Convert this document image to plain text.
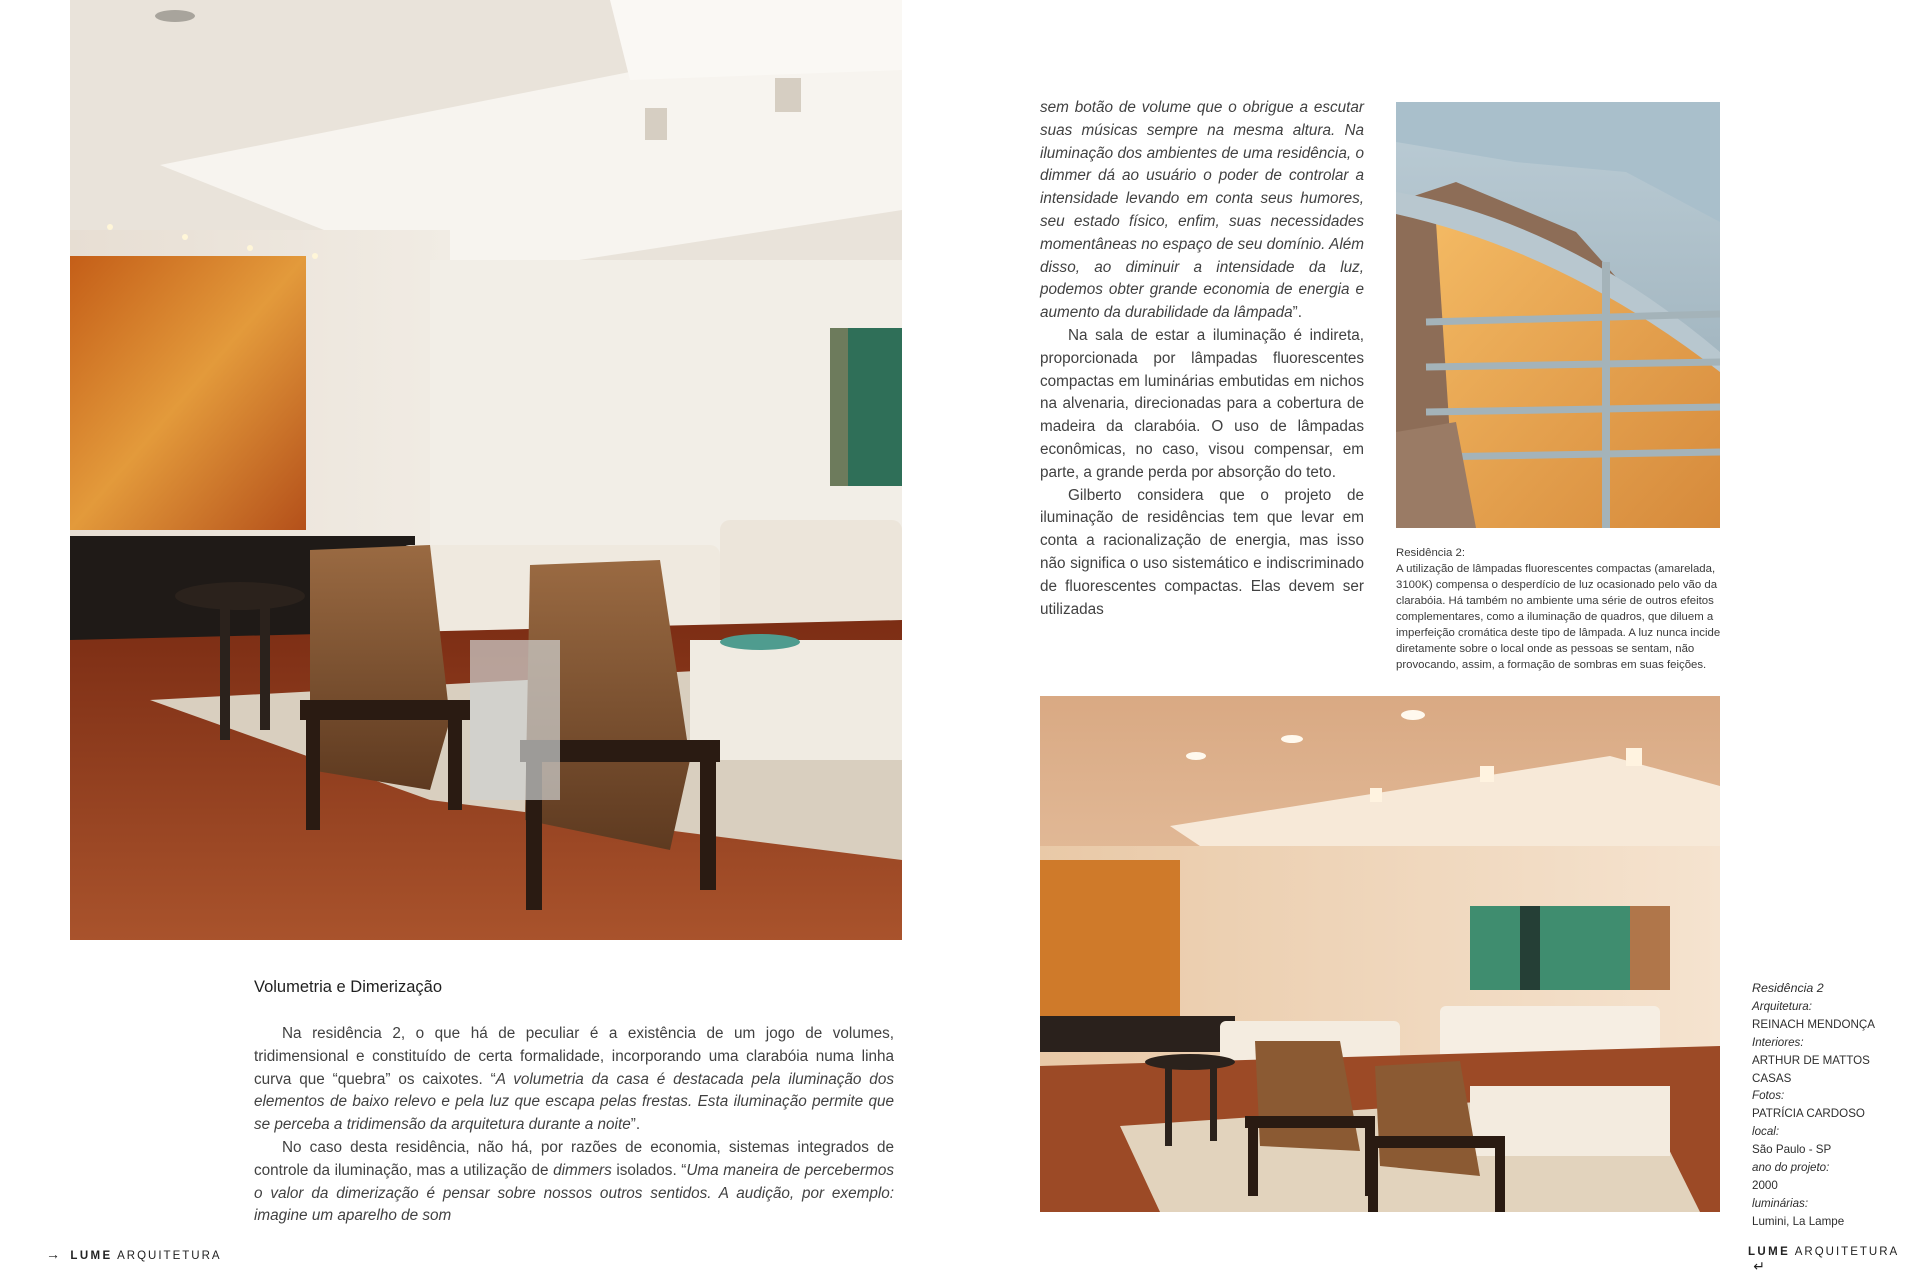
Volumetria e Dimerização

Na residência 2, o que há de peculiar é a existência de um jogo de volumes, tridimensional e constituído de certa formalidade, incorporando uma clarabóia numa linha curva que “quebra” os caixotes. “A volumetria da casa é destacada pela iluminação dos elementos de baixo relevo e pela luz que escapa pelas frestas. Esta iluminação permite que se perceba a tridimensão da arquitetura durante a noite”.

No caso desta residência, não há, por razões de economia, sistemas integrados de controle da iluminação, mas a utilização de dimmers isolados. “Uma maneira de percebermos o valor da dimerização é pensar sobre nossos outros sentidos. A audição, por exemplo: imagine um aparelho de som

sem botão de volume que o obrigue a escutar suas músicas sempre na mesma altura. Na iluminação dos ambientes de uma residência, o dimmer dá ao usuário o poder de controlar a intensidade levando em conta seus humores, seu estado físico, enfim, suas necessidades momentâneas no espaço de seu domínio. Além disso, ao diminuir a intensidade da luz, podemos obter grande economia de energia e aumento da durabilidade da lâmpada”.

Na sala de estar a iluminação é indireta, proporcionada por lâmpadas fluorescentes compactas em luminárias embutidas em nichos na alvenaria, direcionadas para a cobertura de madeira da clarabóia. O uso de lâmpadas econômicas, no caso, visou compensar, em parte, a grande perda por absorção do teto.

Gilberto considera que o projeto de iluminação de residências tem que levar em conta a racionalização de energia, mas isso não significa o uso sistemático e indiscriminado de fluorescentes compactas. Elas devem ser utilizadas

Residência 2:
A utilização de lâmpadas fluorescentes compactas (amarelada, 3100K) compensa o desperdício de luz ocasionado pelo vão da clarabóia. Há também no ambiente uma série de outros efeitos complementares, como a iluminação de quadros, que diluem a imperfeição cromática deste tipo de lâmpada. A luz nunca incide diretamente sobre o local onde as pessoas se sentam, não provocando, assim, a formação de sombras em suas feições.
Residência 2
Arquitetura:
REINACH MENDONÇA
Interiores:
ARTHUR DE MATTOS CASAS
Fotos:
PATRÍCIA CARDOSO
local:
São Paulo - SP
ano do projeto:
2000
luminárias:
Lumini, La Lampe
→ LUME ARQUITETURA	LUME ARQUITETURA  ↵
